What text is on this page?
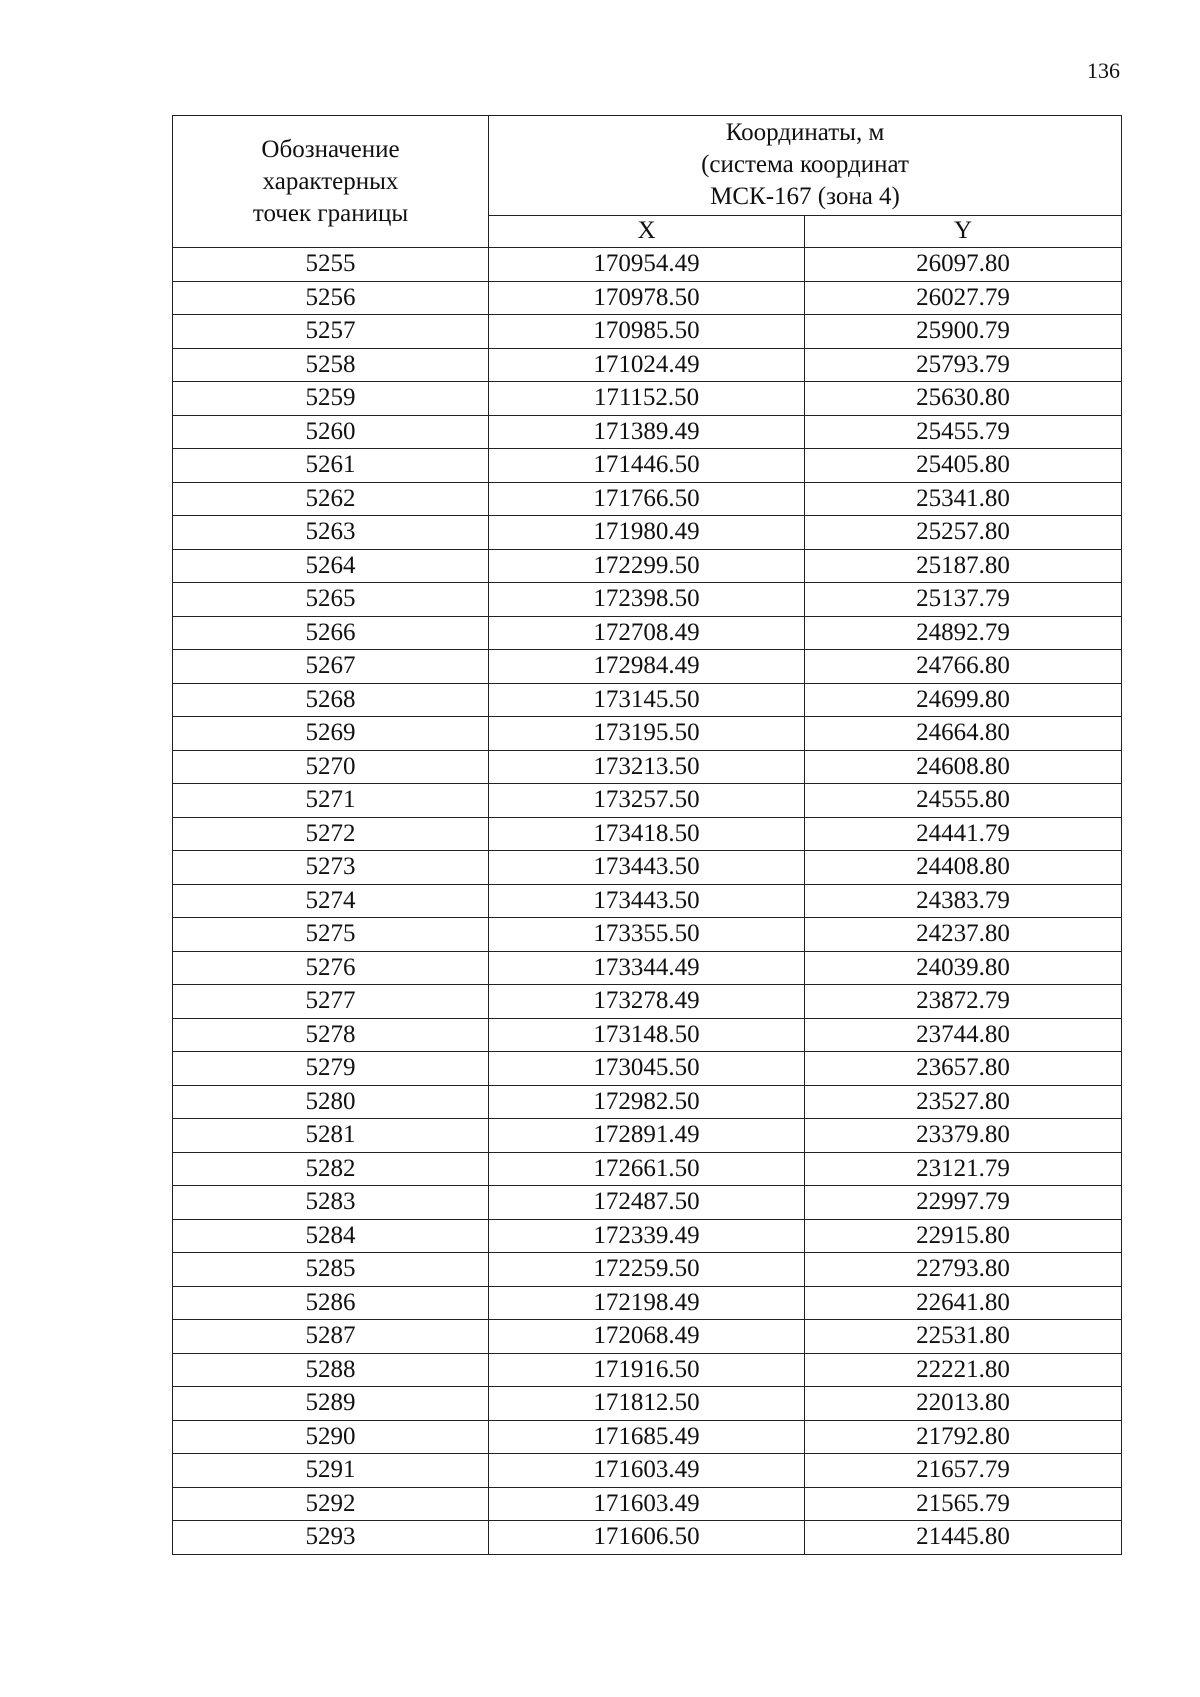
136
Обозначение
характерных
точек границы	Координаты, м
(система координат
МСК-167 (зона 4)	

	X	Y
5255	170954.49	26097.80
5256	170978.50	26027.79
5257	170985.50	25900.79
5258	171024.49	25793.79
5259	171152.50	25630.80
5260	171389.49	25455.79
5261	171446.50	25405.80
5262	171766.50	25341.80
5263	171980.49	25257.80
5264	172299.50	25187.80
5265	172398.50	25137.79
5266	172708.49	24892.79
5267	172984.49	24766.80
5268	173145.50	24699.80
5269	173195.50	24664.80
5270	173213.50	24608.80
5271	173257.50	24555.80
5272	173418.50	24441.79
5273	173443.50	24408.80
5274	173443.50	24383.79
5275	173355.50	24237.80
5276	173344.49	24039.80
5277	173278.49	23872.79
5278	173148.50	23744.80
5279	173045.50	23657.80
5280	172982.50	23527.80
5281	172891.49	23379.80
5282	172661.50	23121.79
5283	172487.50	22997.79
5284	172339.49	22915.80
5285	172259.50	22793.80
5286	172198.49	22641.80
5287	172068.49	22531.80
5288	171916.50	22221.80
5289	171812.50	22013.80
5290	171685.49	21792.80
5291	171603.49	21657.79
5292	171603.49	21565.79
5293	171606.50	21445.80
